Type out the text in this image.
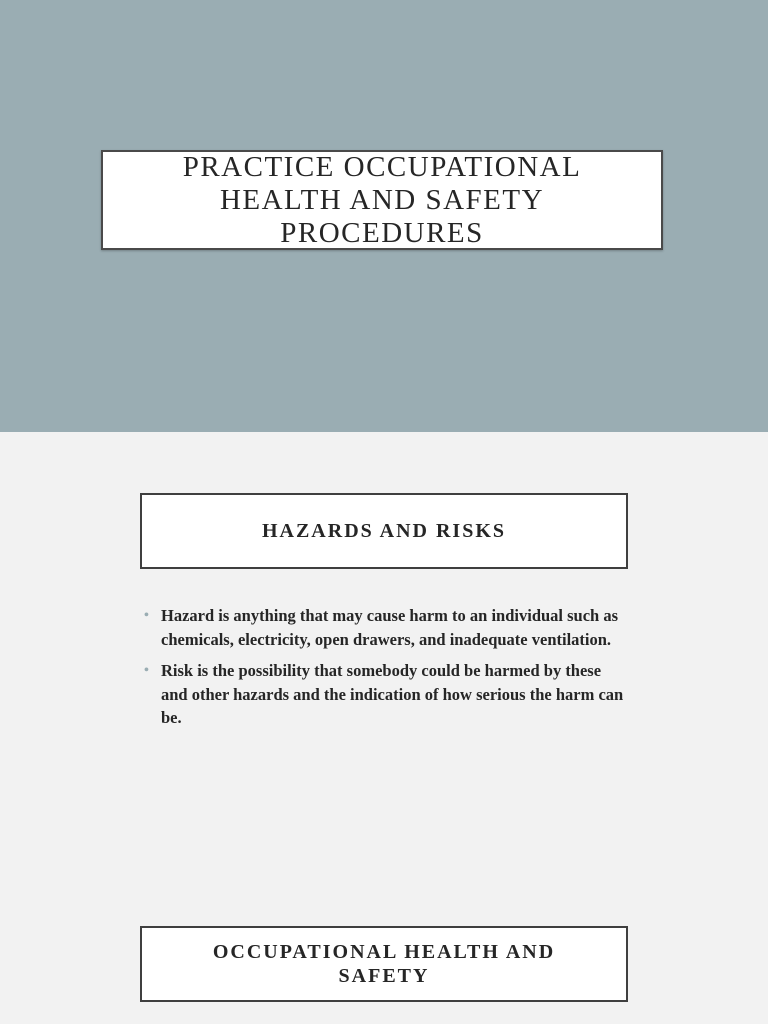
PRACTICE OCCUPATIONAL
HEALTH AND SAFETY
PROCEDURES
HAZARDS AND RISKS
• Hazard is anything that may cause harm to an individual such as chemicals, electricity, open drawers, and inadequate ventilation.
• Risk is the possibility that somebody could be harmed by these and other hazards and the indication of how serious the harm can be.
OCCUPATIONAL HEALTH AND
SAFETY
